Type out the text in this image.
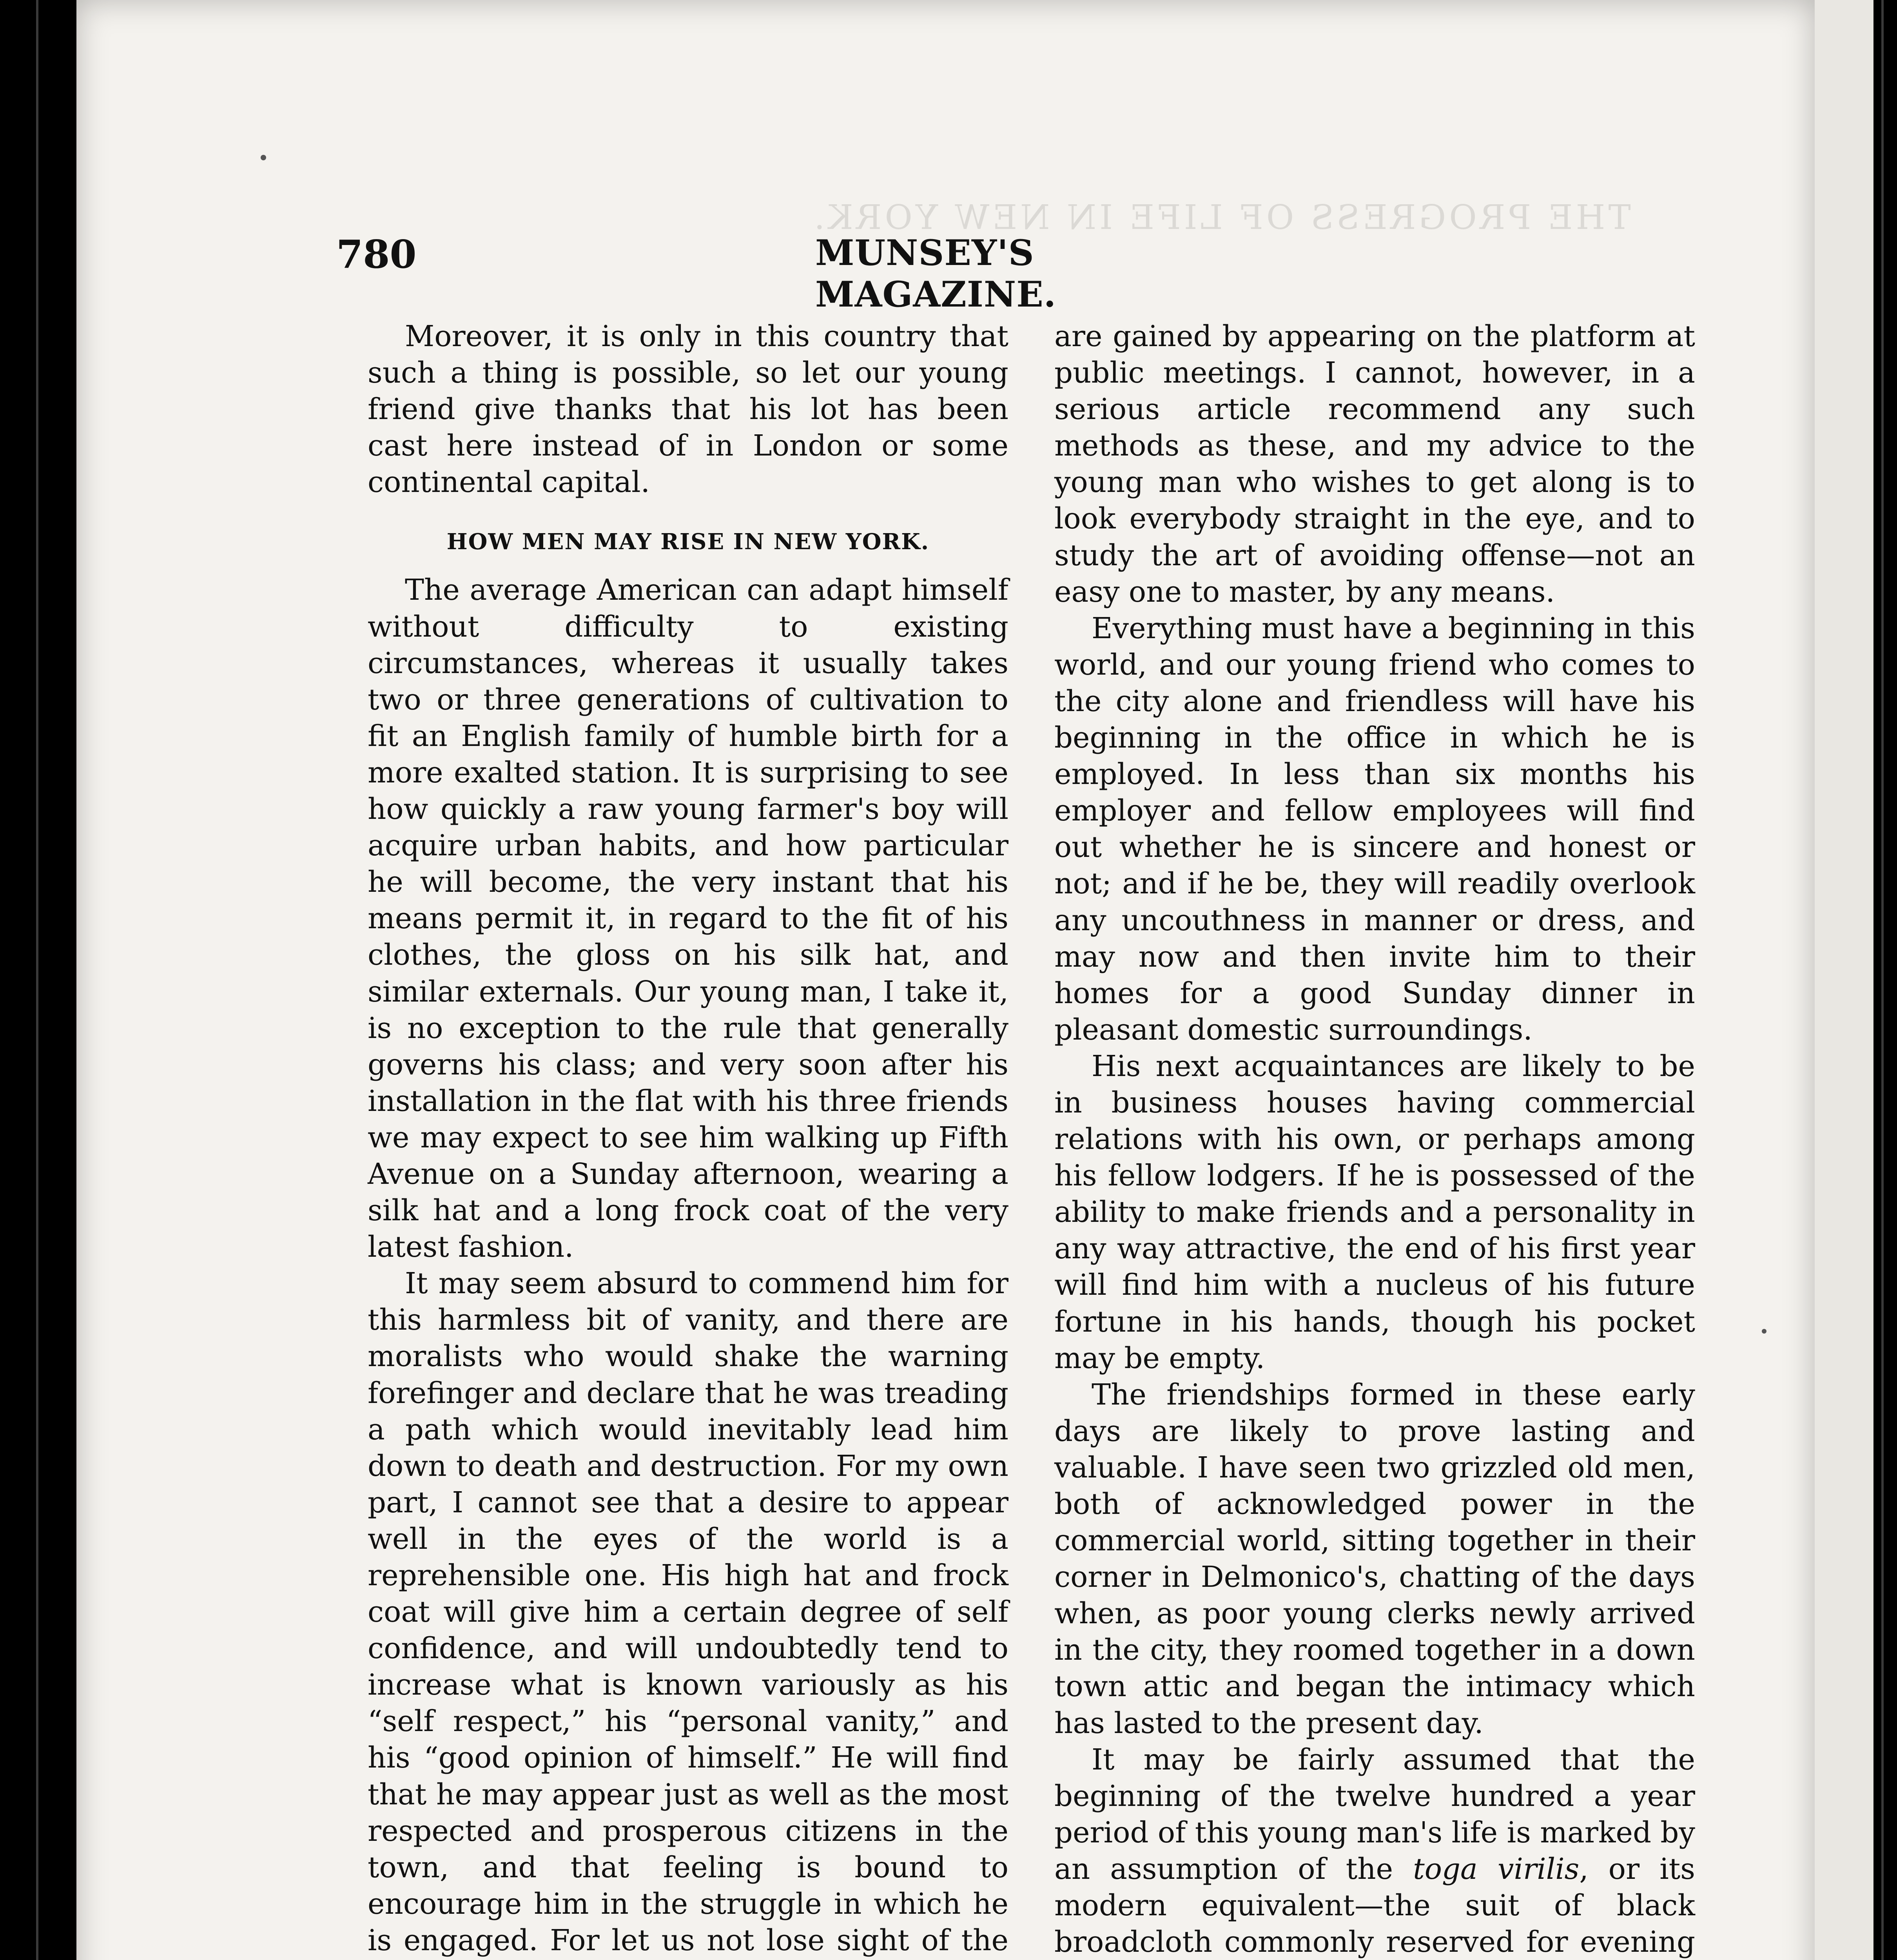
THE PROGRESS OF LIFE IN NEW YORK.
780	MUNSEY'S MAGAZINE.

Moreover, it is only in this country that such a thing is possible, so let our young friend give thanks that his lot has been cast here instead of in London or some continental capital.

HOW MEN MAY RISE IN NEW YORK.

The average American can adapt himself without difficulty to existing circumstances, whereas it usually takes two or three generations of cultivation to fit an English family of humble birth for a more exalted station. It is surprising to see how quickly a raw young farmer's boy will acquire urban habits, and how particular he will become, the very instant that his means permit it, in regard to the fit of his clothes, the gloss on his silk hat, and similar externals. Our young man, I take it, is no exception to the rule that generally governs his class; and very soon after his installation in the flat with his three friends we may expect to see him walking up Fifth Avenue on a Sunday afternoon, wearing a silk hat and a long frock coat of the very latest fashion.

It may seem absurd to commend him for this harmless bit of vanity, and there are moralists who would shake the warning forefinger and declare that he was treading a path which would inevitably lead him down to death and destruction. For my own part, I cannot see that a desire to appear well in the eyes of the world is a reprehensible one. His high hat and frock coat will give him a certain degree of self confidence, and will undoubtedly tend to increase what is known variously as his “self respect,” his “personal vanity,” and his “good opinion of himself.” He will find that he may appear just as well as the most respected and prosperous citizens in the town, and that feeling is bound to encourage him in the struggle in which he is engaged. For let us not lose sight of the

are gained by appearing on the platform at public meetings. I cannot, however, in a serious article recommend any such methods as these, and my advice to the young man who wishes to get along is to look everybody straight in the eye, and to study the art of avoiding offense—not an easy one to master, by any means.

Everything must have a beginning in this world, and our young friend who comes to the city alone and friendless will have his beginning in the office in which he is employed. In less than six months his employer and fellow employees will find out whether he is sincere and honest or not; and if he be, they will readily overlook any uncouthness in manner or dress, and may now and then invite him to their homes for a good Sunday dinner in pleasant domestic surroundings.

His next acquaintances are likely to be in business houses having commercial relations with his own, or perhaps among his fellow lodgers. If he is possessed of the ability to make friends and a personality in any way attractive, the end of his first year will find him with a nucleus of his future fortune in his hands, though his pocket may be empty.

The friendships formed in these early days are likely to prove lasting and valuable. I have seen two grizzled old men, both of acknowledged power in the commercial world, sitting together in their corner in Delmonico's, chatting of the days when, as poor young clerks newly arrived in the city, they roomed together in a down town attic and began the intimacy which has lasted to the present day.

It may be fairly assumed that the beginning of the twelve hundred a year period of this young man's life is marked by an assumption of the toga virilis, or its modern equivalent—the suit of black broadcloth commonly reserved for evening
